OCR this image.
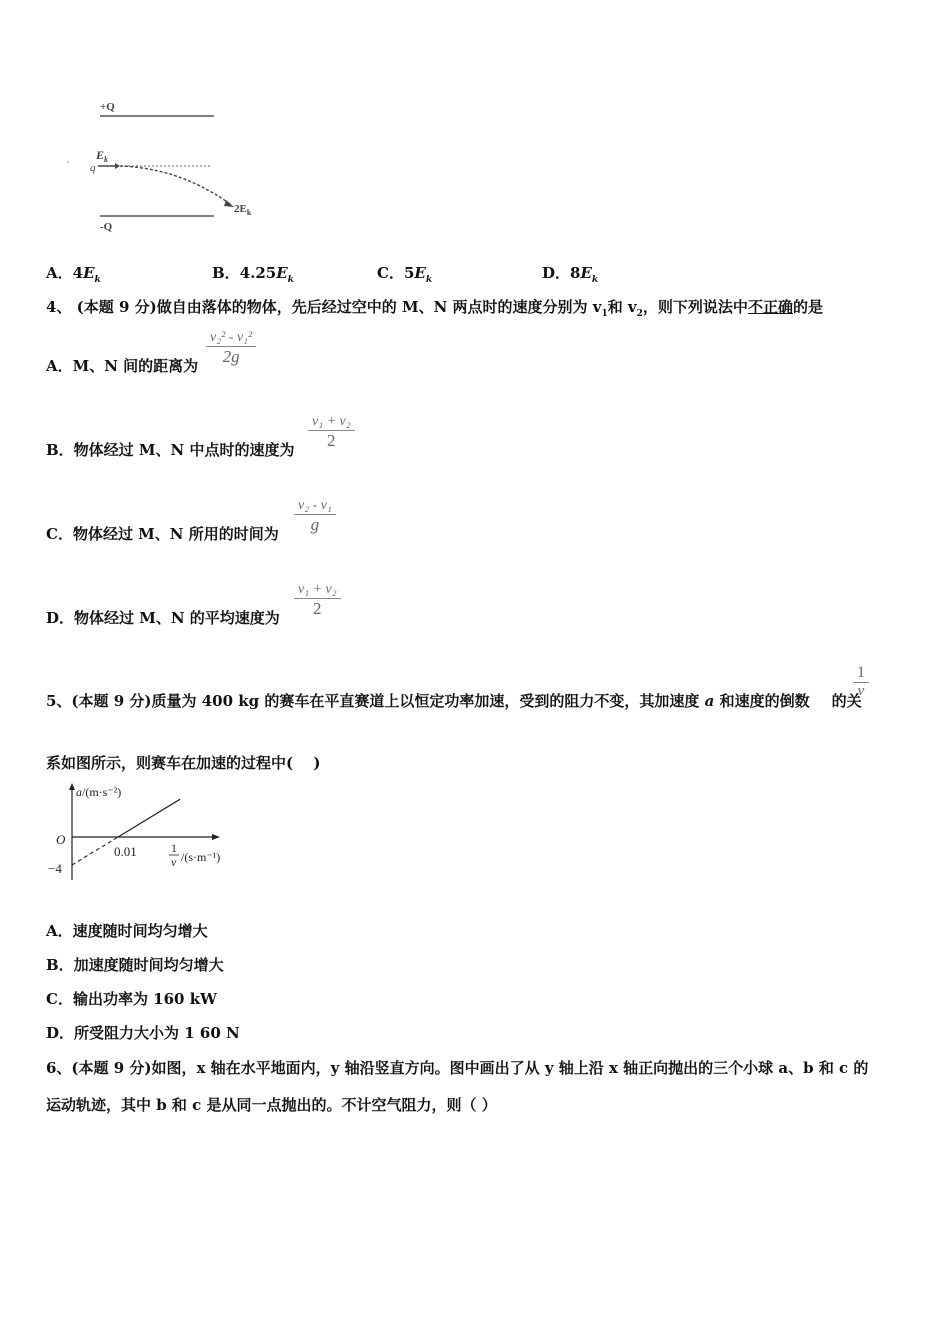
+Q
-Q
$E_k$
q
$2E_k$
A．$4E_k$	B．$4.25E_k$	C．$5E_k$	D．$8E_k$
4、 (本题 9 分)做自由落体的物体，先后经过空中的 M、N 两点时的速度分别为 $v_1$和 $v_2$，则下列说法中不正确的是
A．M、N 间的距离为
v₂² - v₁²
2g
B．物体经过 M、N 中点时的速度为
v₁ + v₂
2
C．物体经过 M、N 所用的时间为
v₂ - v₁
g
D．物体经过 M、N 的平均速度为
v₁ + v₂
2
5、(本题 9 分)质量为 400 kg 的赛车在平直赛道上以恒定功率加速，受到的阻力不变，其加速度 a 和速度的倒数 的关
$\frac{1}{v}$
系如图所示，则赛车在加速的过程中(　 )
a/(m·s⁻²)
O
−4
0.01	1
v /(s·m⁻¹)
A．速度随时间均匀增大
B．加速度随时间均匀增大
C．输出功率为 160 kW
D．所受阻力大小为 1 60 N
6、(本题 9 分)如图，x 轴在水平地面内，y 轴沿竖直方向。图中画出了从 y 轴上沿 x 轴正向抛出的三个小球 a、b 和 c 的
运动轨迹，其中 b 和 c 是从同一点抛出的。不计空气阻力，则（ ）
